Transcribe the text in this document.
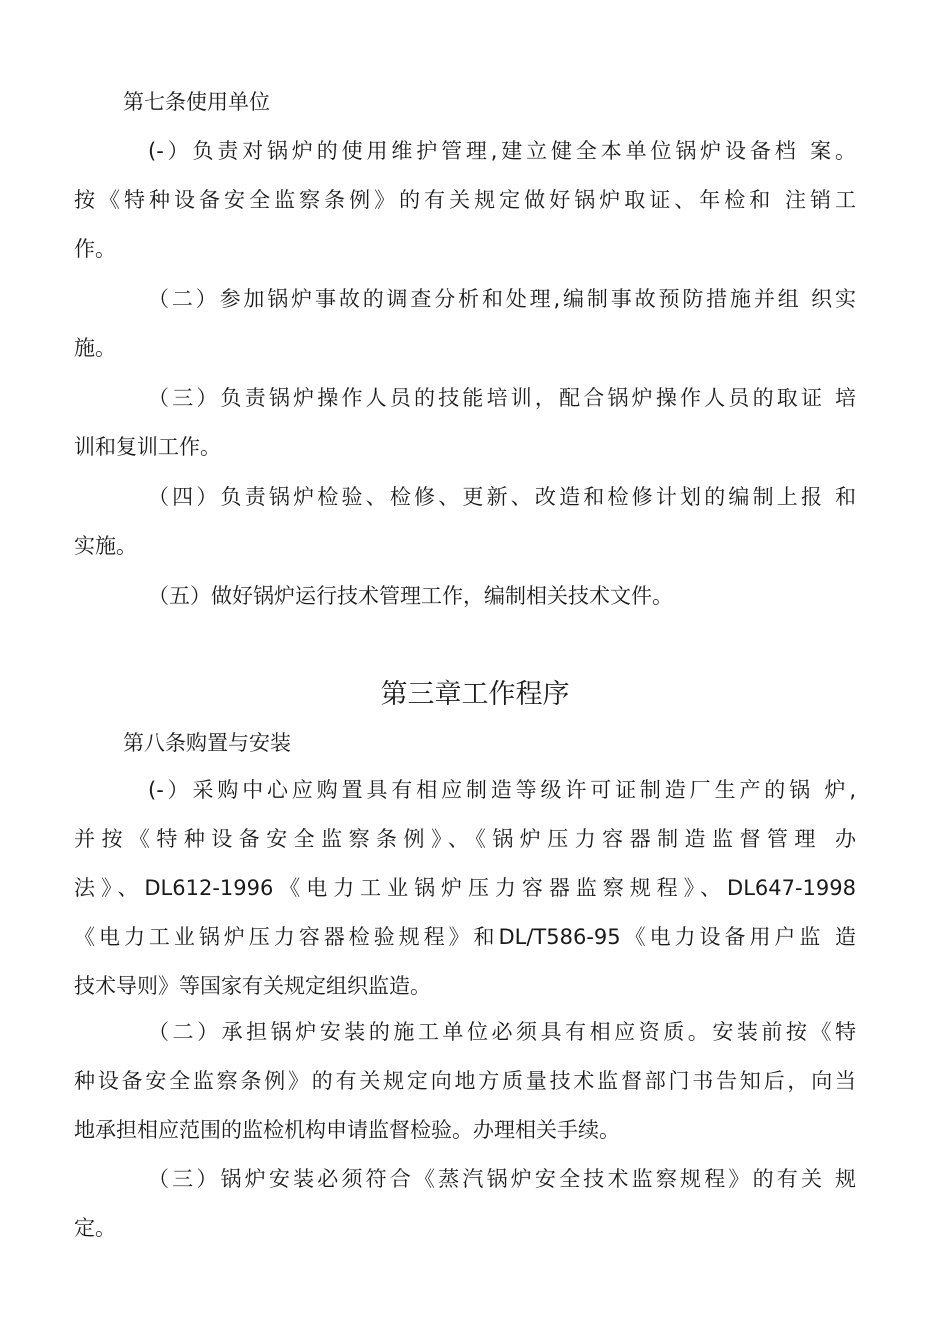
第七条使用单位

(-）负责对锅炉的使用维护管理,建立健全本单位锅炉设备档 案。
按《特种设备安全监察条例》的有关规定做好锅炉取证、年检和 注销工
作。

（二）参加锅炉事故的调查分析和处理,编制事故预防措施并组 织实
施。

（三）负责锅炉操作人员的技能培训，配合锅炉操作人员的取证 培
训和复训工作。

（四）负责锅炉检验、检修、更新、改造和检修计划的编制上报 和
实施。

（五）做好锅炉运行技术管理工作，编制相关技术文件。

第三章工作程序

第八条购置与安装

(-）采购中心应购置具有相应制造等级许可证制造厂生产的锅 炉,
并按《特种设备安全监察条例》、《锅炉压力容器制造监督管理 办
法》、DL612-1996《电力工业锅炉压力容器监察规程》、DL647-1998
《电力工业锅炉压力容器检验规程》和DL/T586-95《电力设备用户监 造
技术导则》等国家有关规定组织监造。

（二）承担锅炉安装的施工单位必须具有相应资质。安装前按《特
种设备安全监察条例》的有关规定向地方质量技术监督部门书告知后，向当
地承担相应范围的监检机构申请监督检验。办理相关手续。

（三）锅炉安装必须符合《蒸汽锅炉安全技术监察规程》的有关 规
定。
